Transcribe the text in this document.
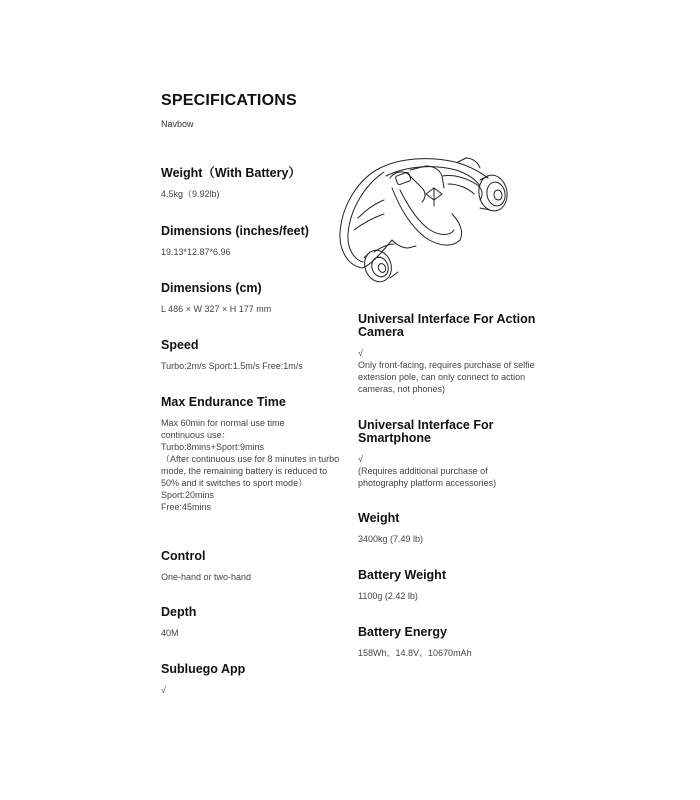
SPECIFICATIONS

Navbow

Weight（With Battery）

4.5kg（9.92lb)

Dimensions (inches/feet)

19.13*12.87*6.96

Dimensions (cm)

L 486 × W 327 × H 177 mm

Speed

Turbo:2m/s Sport:1.5m/s Free:1m/s

Max Endurance Time

Max 60min for normal use time
continuous use：
Turbo:8mins+Sport:9mins
（After continuous use for 8 minutes in turbo mode, the remaining battery is reduced to 50% and it switches to sport mode）
Sport:20mins
Free:45mins

Control

One-hand or two-hand

Depth

40M

Subluego App

√

Universal Interface For Action Camera

√
Only front-facing, requires purchase of selfie extension pole, can only connect to action cameras, not phones)

Universal Interface For Smartphone

√
(Requires additional purchase of photography platform accessories)

Weight

3400kg (7.49 lb)

Battery Weight

1100g (2.42 lb)

Battery Energy

158Wh、14.8V、10670mAh
